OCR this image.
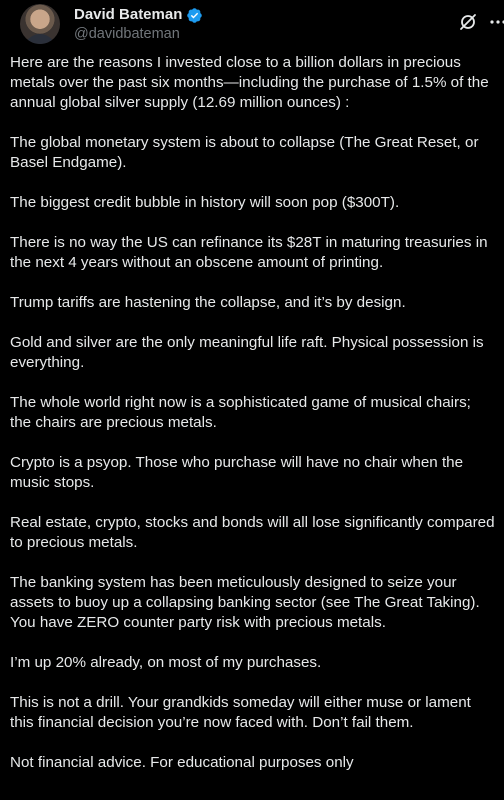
David Bateman
@davidbateman

Here are the reasons I invested close to a billion dollars in precious metals over the past six months—including the purchase of 1.5% of the annual global silver supply (12.69 million ounces) :

The global monetary system is about to collapse (The Great Reset, or Basel Endgame).

The biggest credit bubble in history will soon pop ($300T).

There is no way the US can refinance its $28T in maturing treasuries in the next 4 years without an obscene amount of printing.

Trump tariffs are hastening the collapse, and it’s by design.

Gold and silver are the only meaningful life raft. Physical possession is everything.

The whole world right now is a sophisticated game of musical chairs; the chairs are precious metals.

Crypto is a psyop. Those who purchase will have no chair when the music stops.

Real estate, crypto, stocks and bonds will all lose significantly compared to precious metals.

The banking system has been meticulously designed to seize your assets to buoy up a collapsing banking sector (see The Great Taking). You have ZERO counter party risk with precious metals.

I’m up 20% already, on most of my purchases.

This is not a drill. Your grandkids someday will either muse or lament this financial decision you’re now faced with. Don’t fail them.

Not financial advice. For educational purposes only
